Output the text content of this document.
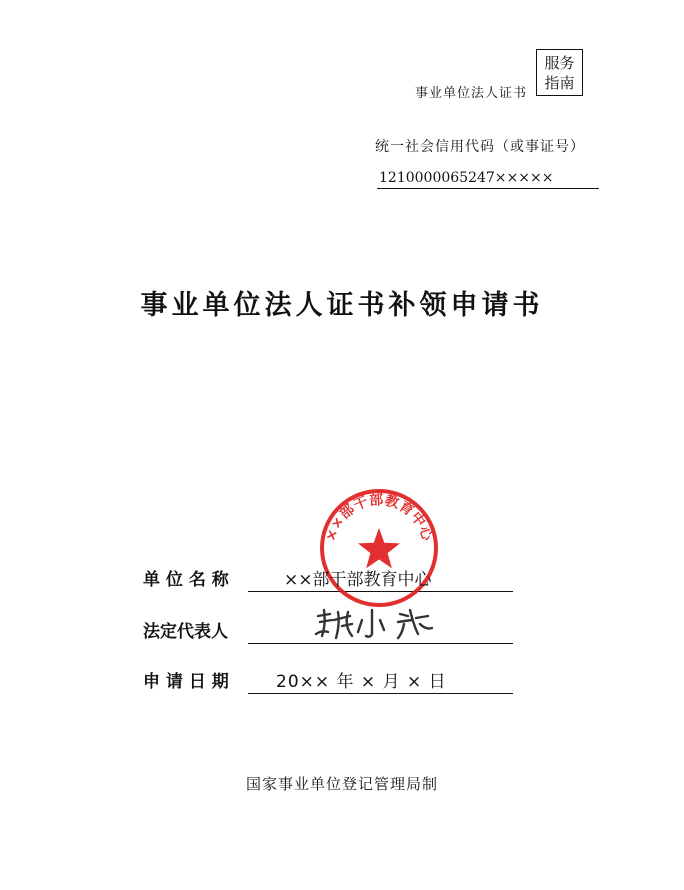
事业单位法人证书
服务
指南
统一社会信用代码（或事证号）
1210000065247×××××
事业单位法人证书补领申请书
××部干部教育中心
单 位 名 称	××部干部教育中心
法定代表人
申 请 日 期	20×× 年 × 月 × 日
国家事业单位登记管理局制
